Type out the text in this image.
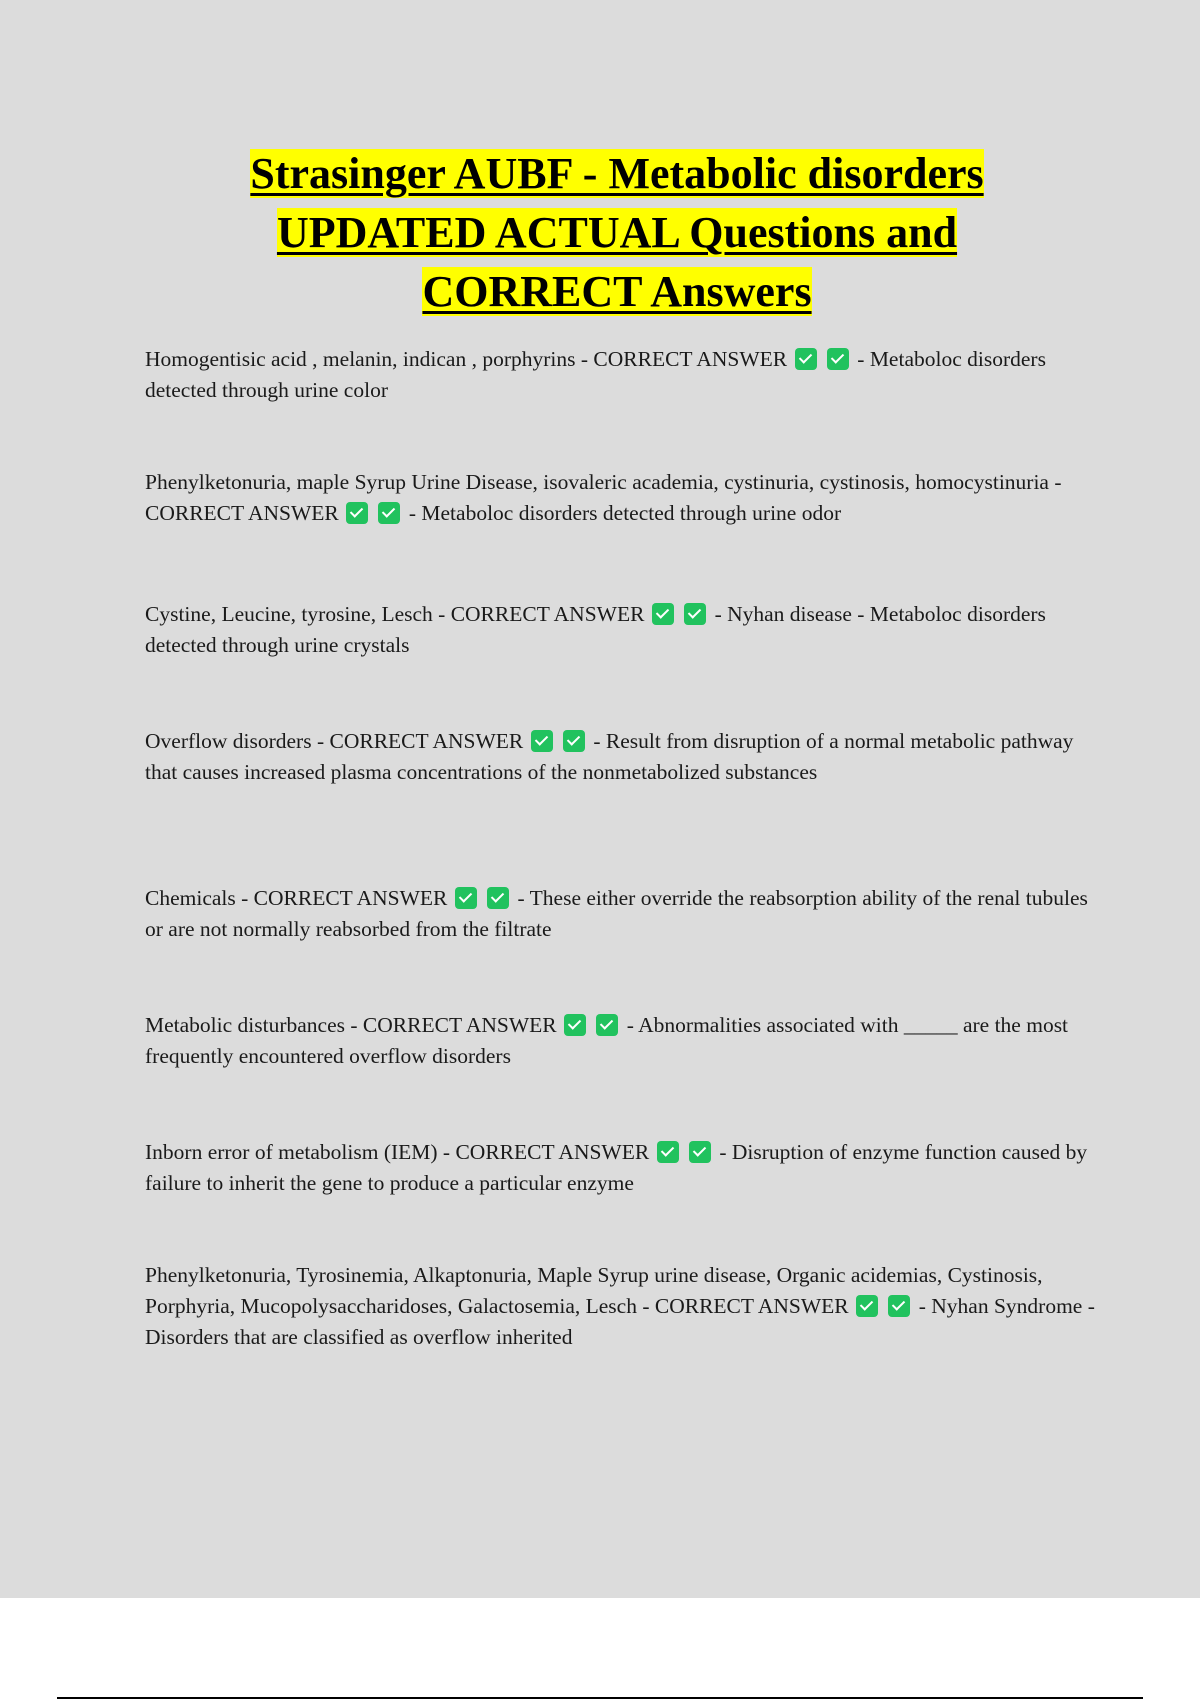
Strasinger AUBF - Metabolic disorders
UPDATED ACTUAL Questions and
CORRECT Answers

Homogentisic acid , melanin, indican , porphyrins - CORRECT ANSWER	- Metaboloc disorders detected through urine color

Phenylketonuria, maple Syrup Urine Disease, isovaleric academia, cystinuria, cystinosis, homocystinuria - CORRECT ANSWER	- Metaboloc disorders detected through urine odor

Cystine, Leucine, tyrosine, Lesch - CORRECT ANSWER	- Nyhan disease - Metaboloc disorders detected through urine crystals

Overflow disorders - CORRECT ANSWER	- Result from disruption of a normal metabolic pathway that causes increased plasma concentrations of the nonmetabolized substances

Chemicals - CORRECT ANSWER	- These either override the reabsorption ability of the renal tubules or are not normally reabsorbed from the filtrate

Metabolic disturbances - CORRECT ANSWER	- Abnormalities associated with _____ are the most frequently encountered overflow disorders

Inborn error of metabolism (IEM) - CORRECT ANSWER	- Disruption of enzyme function caused by failure to inherit the gene to produce a particular enzyme

Phenylketonuria, Tyrosinemia, Alkaptonuria, Maple Syrup urine disease, Organic acidemias, Cystinosis, Porphyria, Mucopolysaccharidoses, Galactosemia, Lesch - CORRECT ANSWER	- Nyhan Syndrome - Disorders that are classified as overflow inherited
